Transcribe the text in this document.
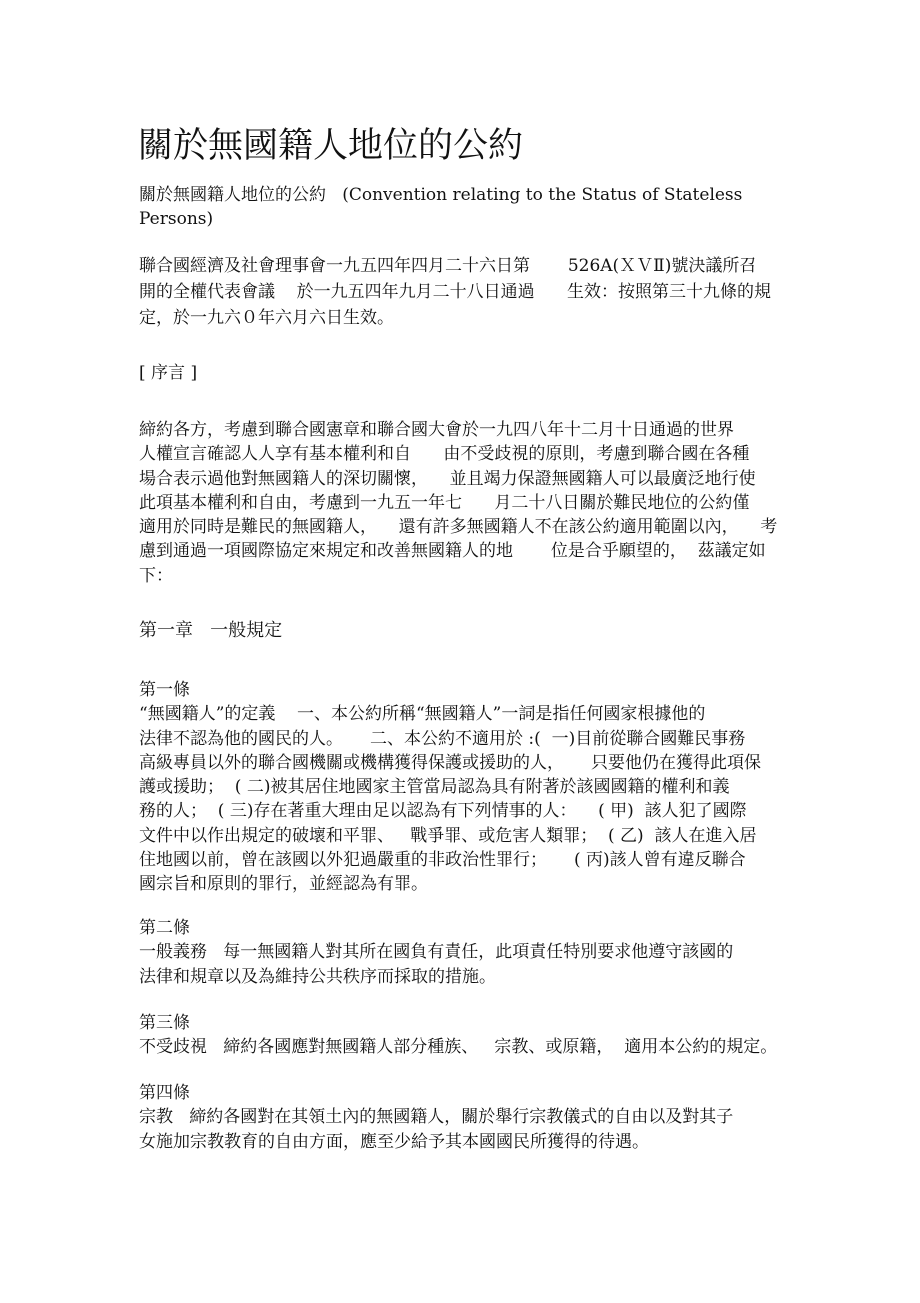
關於無國籍人地位的公約
關於無國籍人地位的公約   (Convention relating to the Status of Stateless
Persons)
聯合國經濟及社會理事會一九五四年四月二十六日第       526A(ＸＶⅡ)號決議所召
開的全權代表會議    於一九五四年九月二十八日通過      生效：按照第三十九條的規
定，於一九六０年六月六日生效。
[ 序言 ]
締約各方，考慮到聯合國憲章和聯合國大會於一九四八年十二月十日通過的世界
人權宣言確認人人享有基本權利和自      由不受歧視的原則，考慮到聯合國在各種
場合表示過他對無國籍人的深切關懷，    並且竭力保證無國籍人可以最廣泛地行使
此項基本權利和自由，考慮到一九五一年七      月二十八日關於難民地位的公約僅
適用於同時是難民的無國籍人，    還有許多無國籍人不在該公約適用範圍以內，    考
慮到通過一項國際協定來規定和改善無國籍人的地       位是合乎願望的，  茲議定如
下：
第一章   一般規定
第一條
“無國籍人”的定義    一、本公約所稱“無國籍人”一詞是指任何國家根據他的
法律不認為他的國民的人。     二、本公約不適用於 :(  一)目前從聯合國難民事務
高級專員以外的聯合國機關或機構獲得保護或援助的人，     只要他仍在獲得此項保
護或援助；  ( 二)被其居住地國家主管當局認為具有附著於該國國籍的權利和義
務的人；  ( 三)存在著重大理由足以認為有下列情事的人：    ( 甲)  該人犯了國際
文件中以作出規定的破壞和平罪、   戰爭罪、或危害人類罪；  ( 乙)  該人在進入居
住地國以前，曾在該國以外犯過嚴重的非政治性罪行；     ( 丙)該人曾有違反聯合
國宗旨和原則的罪行，並經認為有罪。
第二條
一般義務   每一無國籍人對其所在國負有責任，此項責任特別要求他遵守該國的
法律和規章以及為維持公共秩序而採取的措施。
第三條
不受歧視   締約各國應對無國籍人部分種族、   宗教、或原籍，  適用本公約的規定。
第四條
宗教   締約各國對在其領土內的無國籍人，關於舉行宗教儀式的自由以及對其子
女施加宗教教育的自由方面，應至少給予其本國國民所獲得的待遇。
